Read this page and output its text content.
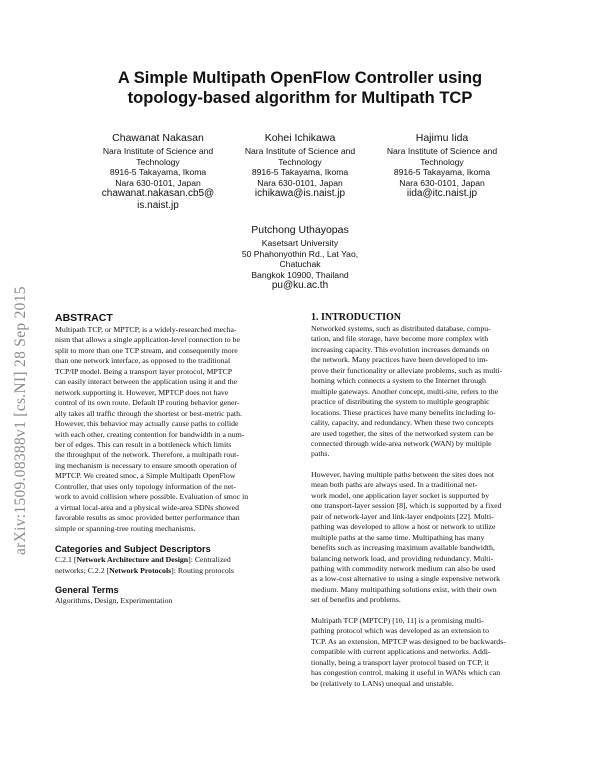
arXiv:1509.08388v1 [cs.NI] 28 Sep 2015
A Simple Multipath OpenFlow Controller using
topology-based algorithm for Multipath TCP
Chawanat Nakasan
Nara Institute of Science and
Technology
8916-5 Takayama, Ikoma
Nara 630-0101, Japan
chawanat.nakasan.cb5@
is.naist.jp
Kohei Ichikawa
Nara Institute of Science and
Technology
8916-5 Takayama, Ikoma
Nara 630-0101, Japan
ichikawa@is.naist.jp
Hajimu Iida
Nara Institute of Science and
Technology
8916-5 Takayama, Ikoma
Nara 630-0101, Japan
iida@itc.naist.jp
Putchong Uthayopas
Kasetsart University
50 Phahonyothin Rd., Lat Yao,
Chatuchak
Bangkok 10900, Thailand
pu@ku.ac.th
ABSTRACT
Multipath TCP, or MPTCP, is a widely-researched mecha-
nism that allows a single application-level connection to be
split to more than one TCP stream, and consequently more
than one network interface, as opposed to the traditional
TCP/IP model. Being a transport layer protocol, MPTCP
can easily interact between the application using it and the
network supporting it. However, MPTCP does not have
control of its own route. Default IP routing behavior gener-
ally takes all traffic through the shortest or best-metric path.
However, this behavior may actually cause paths to collide
with each other, creating contention for bandwidth in a num-
ber of edges. This can result in a bottleneck which limits
the throughput of the network. Therefore, a multipath rout-
ing mechanism is necessary to ensure smooth operation of
MPTCP. We created smoc, a Simple Multipath OpenFlow
Controller, that uses only topology information of the net-
work to avoid collision where possible. Evaluation of smoc in
a virtual local-area and a physical wide-area SDNs showed
favorable results as smoc provided better performance than
simple or spanning-tree routing mechanisms.
Categories and Subject Descriptors
C.2.1 [Network Architecture and Design]: Centralized
networks; C.2.2 [Network Protocols]: Routing protocols
General Terms
Algorithms, Design, Experimentation
1. INTRODUCTION
Networked systems, such as distributed database, compu-
tation, and file storage, have become more complex with
increasing capacity. This evolution increases demands on
the network. Many practices have been developed to im-
prove their functionality or alleviate problems, such as multi-
homing which connects a system to the Internet through
multiple gateways. Another concept, multi-site, refers to the
practice of distributing the system to multiple geographic
locations. These practices have many benefits including lo-
cality, capacity, and redundancy. When these two concepts
are used together, the sites of the networked system can be
connected through wide-area network (WAN) by multiple
paths.
However, having multiple paths between the sites does not
mean both paths are always used. In a traditional net-
work model, one application layer socket is supported by
one transport-layer session [8], which is supported by a fixed
pair of network-layer and link-layer endpoints [22]. Multi-
pathing was developed to allow a host or network to utilize
multiple paths at the same time. Multipathing has many
benefits such as increasing maximum available bandwidth,
balancing network load, and providing redundancy. Multi-
pathing with commodity network medium can also be used
as a low-cost alternative to using a single expensive network
medium. Many multipathing solutions exist, with their own
set of benefits and problems.
Multipath TCP (MPTCP) [10, 11] is a promising multi-
pathing protocol which was developed as an extension to
TCP. As an extension, MPTCP was designed to be backwards-
compatible with current applications and networks. Addi-
tionally, being a transport layer protocol based on TCP, it
has congestion control, making it useful in WANs which can
be (relatively to LANs) unequal and unstable.
